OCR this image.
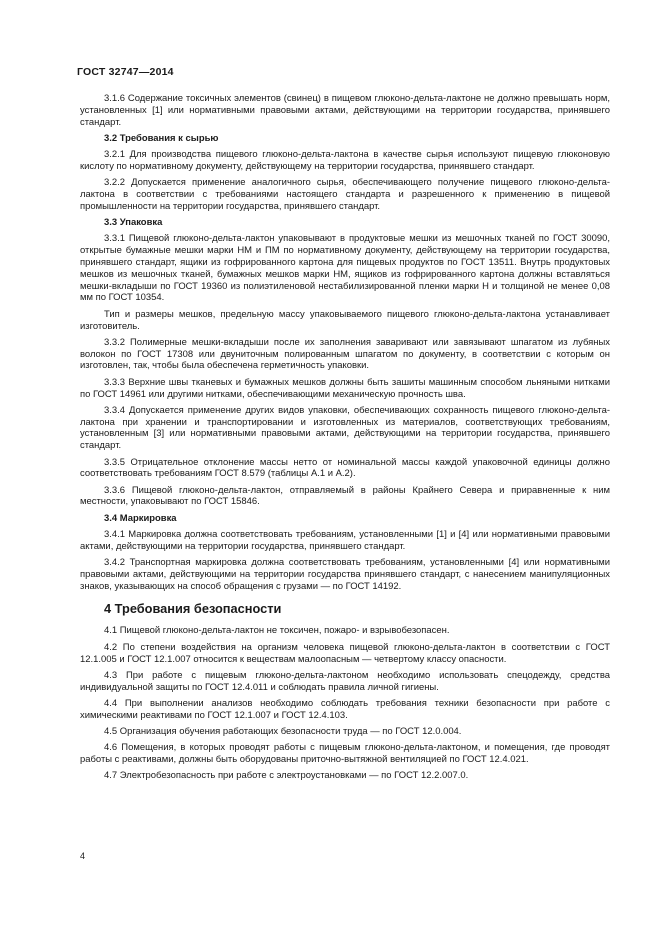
ГОСТ 32747—2014

3.1.6 Содержание токсичных элементов (свинец) в пищевом глюконо-дельта-лактоне не должно превышать норм, установленных [1] или нормативными правовыми актами, действующими на территории государства, принявшего стандарт.

3.2 Требования к сырью

3.2.1 Для производства пищевого глюконо-дельта-лактона в качестве сырья используют пищевую глюконовую кислоту по нормативному документу, действующему на территории государства, принявшего стандарт.

3.2.2 Допускается применение аналогичного сырья, обеспечивающего получение пищевого глюконо-дельта-лактона в соответствии с требованиями настоящего стандарта и разрешенного к применению в пищевой промышленности на территории государства, принявшего стандарт.

3.3 Упаковка

3.3.1 Пищевой глюконо-дельта-лактон упаковывают в продуктовые мешки из мешочных тканей по ГОСТ 30090, открытые бумажные мешки марки НМ и ПМ по нормативному документу, действующему на территории государства, принявшего стандарт, ящики из гофрированного картона для пищевых продуктов по ГОСТ 13511. Внутрь продуктовых мешков из мешочных тканей, бумажных мешков марки НМ, ящиков из гофрированного картона должны вставляться мешки-вкладыши по ГОСТ 19360 из полиэтиленовой нестабилизированной пленки марки Н и толщиной не менее 0,08 мм по ГОСТ 10354.

Тип и размеры мешков, предельную массу упаковываемого пищевого глюконо-дельта-лактона устанавливает изготовитель.

3.3.2 Полимерные мешки-вкладыши после их заполнения заваривают или завязывают шпагатом из лубяных волокон по ГОСТ 17308 или двуниточным полированным шпагатом по документу, в соответствии с которым он изготовлен, так, чтобы была обеспечена герметичность упаковки.

3.3.3 Верхние швы тканевых и бумажных мешков должны быть зашиты машинным способом льняными нитками по ГОСТ 14961 или другими нитками, обеспечивающими механическую прочность шва.

3.3.4 Допускается применение других видов упаковки, обеспечивающих сохранность пищевого глюконо-дельта-лактона при хранении и транспортировании и изготовленных из материалов, соответствующих требованиям, установленным [3] или нормативными правовыми актами, действующими на территории государства, принявшего стандарт.

3.3.5 Отрицательное отклонение массы нетто от номинальной массы каждой упаковочной единицы должно соответствовать требованиям ГОСТ 8.579 (таблицы А.1 и А.2).

3.3.6 Пищевой глюконо-дельта-лактон, отправляемый в районы Крайнего Севера и приравненные к ним местности, упаковывают по ГОСТ 15846.

3.4 Маркировка

3.4.1 Маркировка должна соответствовать требованиям, установленными [1] и [4] или нормативными правовыми актами, действующими на территории государства, принявшего стандарт.

3.4.2 Транспортная маркировка должна соответствовать требованиям, установленными [4] или нормативными правовыми актами, действующими на территории государства принявшего стандарт, с нанесением манипуляционных знаков, указывающих на способ обращения с грузами — по ГОСТ 14192.

4 Требования безопасности

4.1 Пищевой глюконо-дельта-лактон не токсичен, пожаро- и взрывобезопасен.

4.2 По степени воздействия на организм человека пищевой глюконо-дельта-лактон в соответствии с ГОСТ 12.1.005 и ГОСТ 12.1.007 относится к веществам малоопасным — четвертому классу опасности.

4.3 При работе с пищевым глюконо-дельта-лактоном необходимо использовать спецодежду, средства индивидуальной защиты по ГОСТ 12.4.011 и соблюдать правила личной гигиены.

4.4 При выполнении анализов необходимо соблюдать требования техники безопасности при работе с химическими реактивами по ГОСТ 12.1.007 и ГОСТ 12.4.103.

4.5 Организация обучения работающих безопасности труда — по ГОСТ 12.0.004.

4.6 Помещения, в которых проводят работы с пищевым глюконо-дельта-лактоном, и помещения, где проводят работы с реактивами, должны быть оборудованы приточно-вытяжной вентиляцией по ГОСТ 12.4.021.

4.7 Электробезопасность при работе с электроустановками — по ГОСТ 12.2.007.0.

4
